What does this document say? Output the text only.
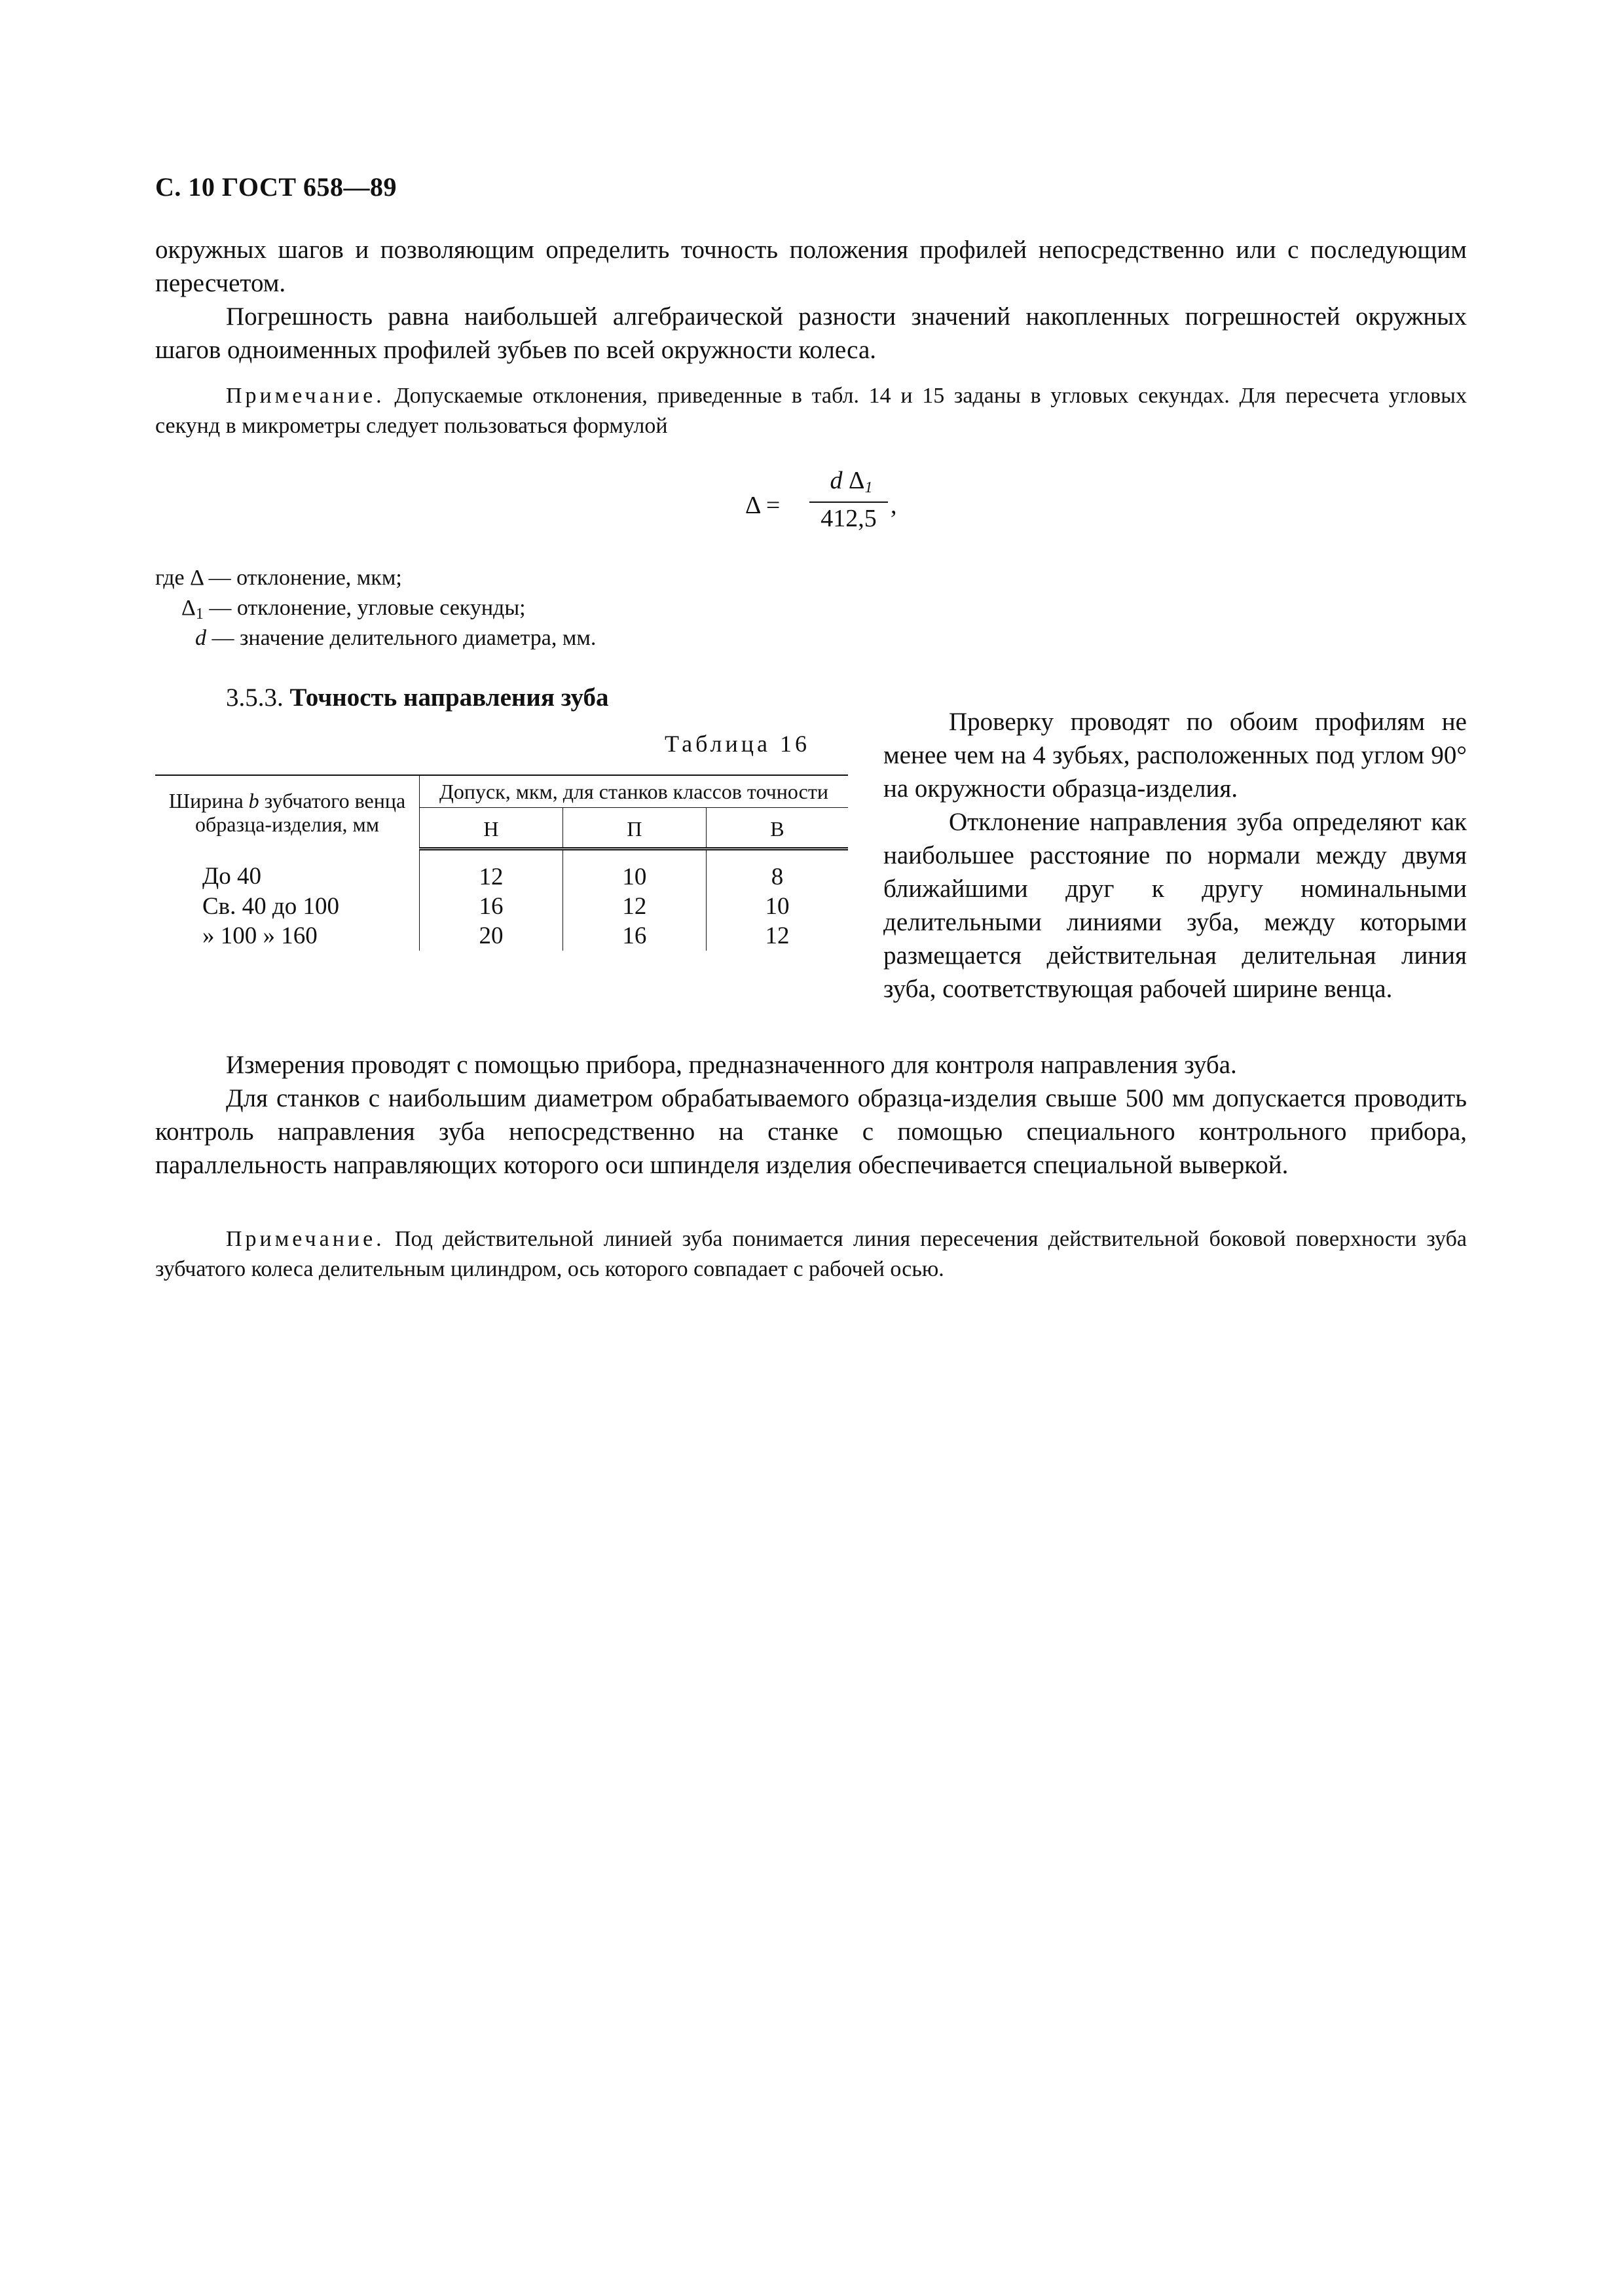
С. 10 ГОСТ 658—89
окружных шагов и позволяющим определить точность положения профилей непосредственно или с последующим пересчетом.
Погрешность равна наибольшей алгебраической разности значений накопленных погрешностей окружных шагов одноименных профилей зубьев по всей окружности колеса.
Примечание. Допускаемые отклонения, приведенные в табл. 14 и 15 заданы в угловых секундах. Для пересчета угловых секунд в микрометры следует пользоваться формулой
Δ =
d $\Delta_1$
412,5 ,
где Δ — отклонение, мкм;
$\Delta_1$ — отклонение, угловые секунды;
d — значение делительного диаметра, мм.
3.5.3. Точность направления зуба
Таблица 16
Ширина b зубчатого венца образца-изделия, мм	Допуск, мкм, для станков классов точности		
	Н	П	В
До 40	12	10	8
Св. 40 до 100	16	12	10
» 100 » 160	20	16	12

Проверку проводят по обоим профилям не менее чем на 4 зубьях, расположенных под углом 90° на окружности образца-изделия.

Отклонение направления зуба определяют как наибольшее расстояние по нормали между двумя ближайшими друг к другу номинальными делительными линиями зуба, между которыми размещается действительная делительная линия зуба, соответствующая рабочей ширине венца.

Измерения проводят с помощью прибора, предназначенного для контроля направления зуба.
Для станков с наибольшим диаметром обрабатываемого образца-изделия свыше 500 мм допускается проводить контроль направления зуба непосредственно на станке с помощью специального контрольного прибора, параллельность направляющих которого оси шпинделя изделия обеспечивается специальной выверкой.
Примечание. Под действительной линией зуба понимается линия пересечения действительной боковой поверхности зуба зубчатого колеса делительным цилиндром, ось которого совпадает с рабочей осью.
